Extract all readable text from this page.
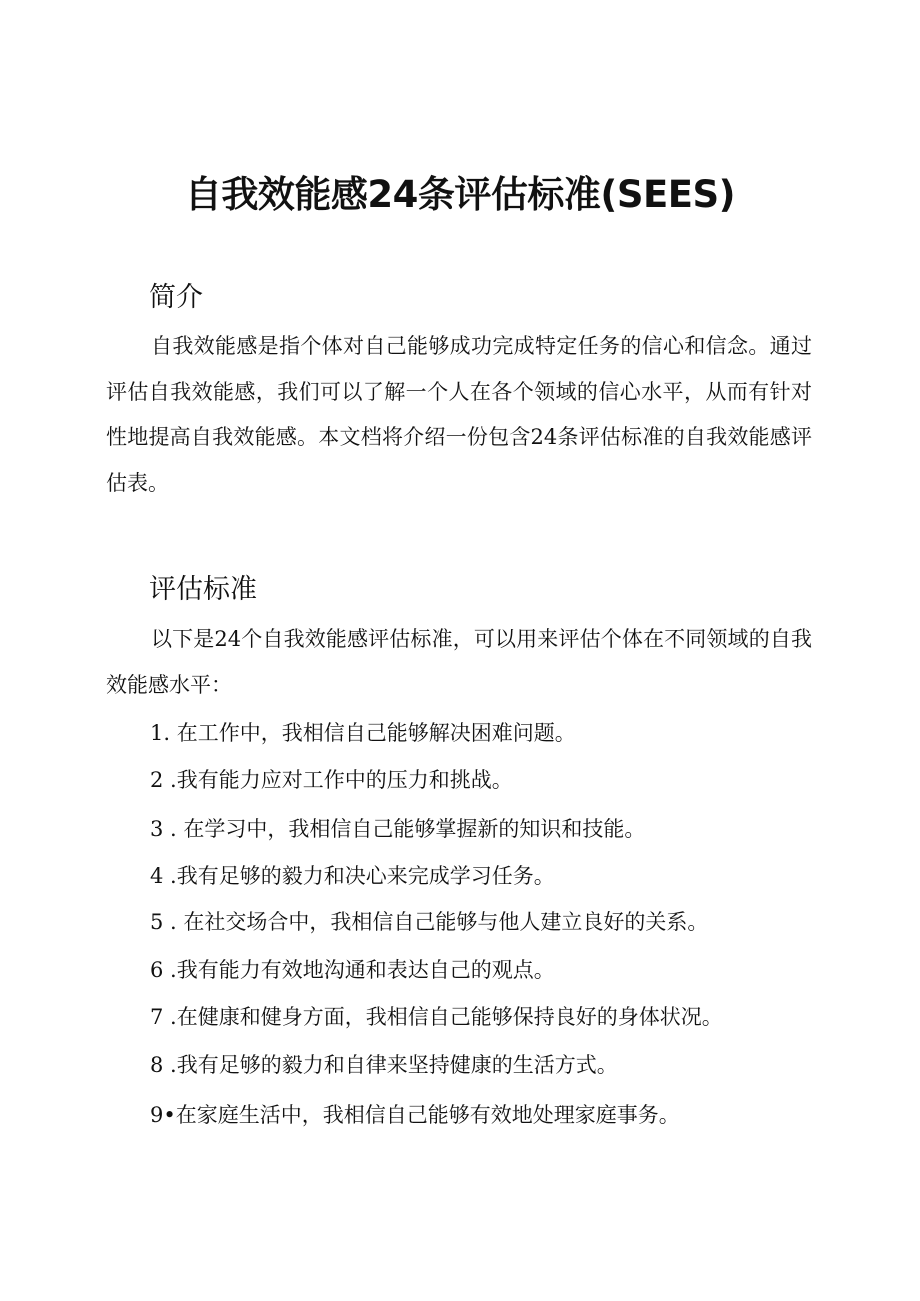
自我效能感24条评估标准(SEES)
简介
自我效能感是指个体对自己能够成功完成特定任务的信心和信念。通过评估自我效能感，我们可以了解一个人在各个领域的信心水平，从而有针对性地提高自我效能感。本文档将介绍一份包含24条评估标准的自我效能感评估表。
评估标准
以下是24个自我效能感评估标准，可以用来评估个体在不同领域的自我效能感水平：
1. 在工作中，我相信自己能够解决困难问题。
2 .我有能力应对工作中的压力和挑战。
3 . 在学习中，我相信自己能够掌握新的知识和技能。
4 .我有足够的毅力和决心来完成学习任务。
5 . 在社交场合中，我相信自己能够与他人建立良好的关系。
6 .我有能力有效地沟通和表达自己的观点。
7 .在健康和健身方面，我相信自己能够保持良好的身体状况。
8 .我有足够的毅力和自律来坚持健康的生活方式。
9•在家庭生活中，我相信自己能够有效地处理家庭事务。
